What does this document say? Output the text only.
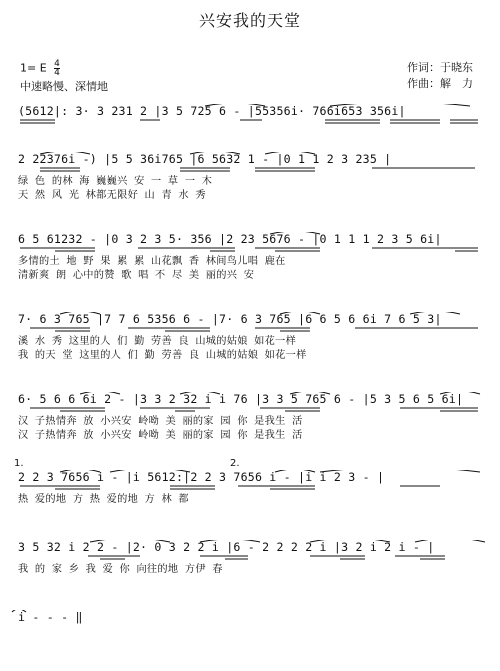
兴安我的天堂
1= E $\frac{4}{4}$
中速略慢、深情地
作词：于晓东
作曲：解　力
(5612|: 3· 3 231 2 |3 5 725 6 - |55356i· 766i653 356i|
2 22376i -) |5 5 36i765 |6 5632 1 - |0 1 1 2 3 235 |
绿 色 的林 海 巍巍兴 安 一 草 一 木
天 然 风 光 林都无限好 山 青 水 秀
6 5 61232 - |0 3 2 3 5· 356 |2 23 5676 - |0 1 1 1 2 3 5 6i|
多情的土 地 野 果 累 累 山花飘 香 林间鸟儿唱 鹿在
清新爽 朗 心中的赞 歌 唱 不 尽 美 丽的兴 安
7· 6 3 765 |7 7 6 5356 6 - |7· 6 3 765 |6 6 5 6 6i 7 6 5 3|
溪 水 秀 这里的人 们 勤 劳善 良 山城的姑娘 如花一样
我 的天 堂 这里的人 们 勤 劳善 良 山城的姑娘 如花一样
6· 5 6 6 6i 2 - |3 3 2 32 i i 76 |3 3 5 765 6 - |5 3 5 6 5 6i|
汉 子热情奔 放 小兴安 岭呦 美 丽的家 园 你 是我生 活
汉 子热情奔 放 小兴安 岭呦 美 丽的家 园 你 是我生 活
2 2 3 7656 i - |i 5612:|2 2 3 7656 i - |i i 2 3 - |
热 爱的地 方 热 爱的地 方 林 都
1.	2.
3 5 32 i 2 2 - |2· 0 3 2 2 i |6 - 2 2 2 2 i |3 2 i 2 i - |
我 的 家 乡 我 爱 你 向往的地 方伊 春
i - - - ‖
